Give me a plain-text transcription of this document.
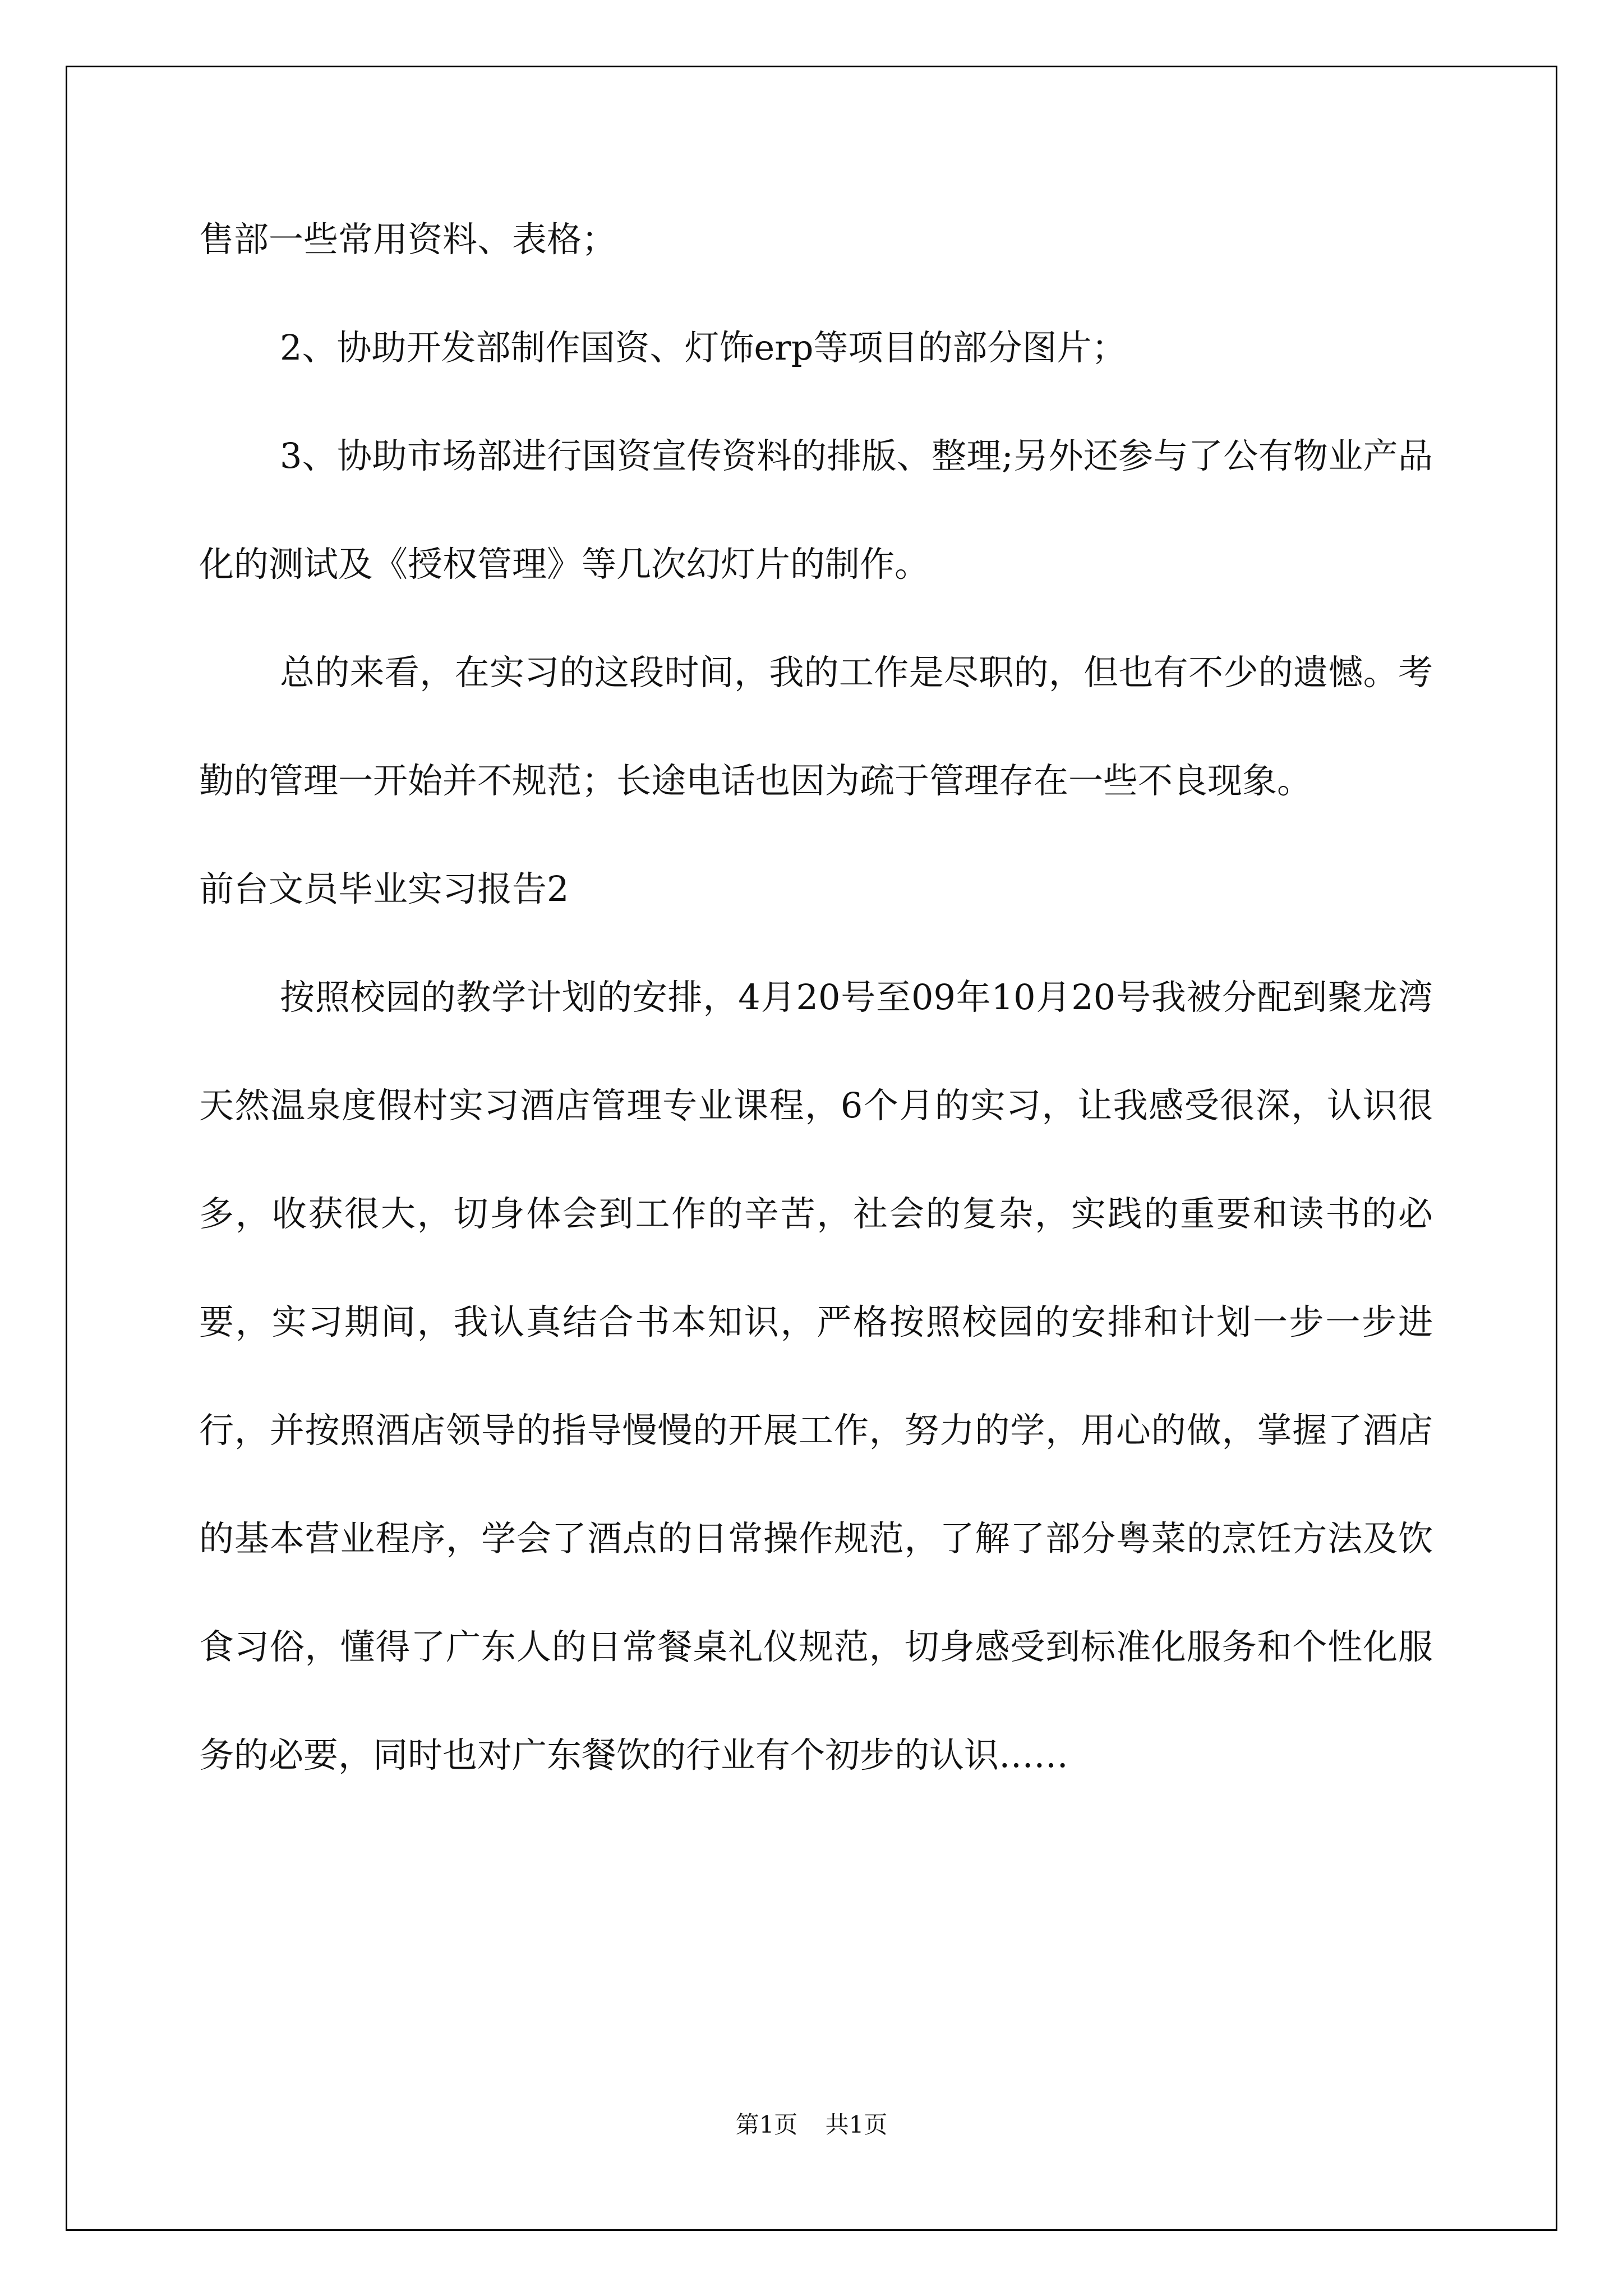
售部一些常用资料、表格；

2、协助开发部制作国资、灯饰erp等项目的部分图片；

3、协助市场部进行国资宣传资料的排版、整理;另外还参与了公有物业产品化的测试及《授权管理》等几次幻灯片的制作。

总的来看，在实习的这段时间，我的工作是尽职的，但也有不少的遗憾。考勤的管理一开始并不规范；长途电话也因为疏于管理存在一些不良现象。

前台文员毕业实习报告2

按照校园的教学计划的安排，4月20号至09年10月20号我被分配到聚龙湾天然温泉度假村实习酒店管理专业课程，6个月的实习，让我感受很深，认识很多，收获很大，切身体会到工作的辛苦，社会的复杂，实践的重要和读书的必要，实习期间，我认真结合书本知识，严格按照校园的安排和计划一步一步进行，并按照酒店领导的指导慢慢的开展工作，努力的学，用心的做，掌握了酒店的基本营业程序，学会了酒点的日常操作规范，了解了部分粤菜的烹饪方法及饮食习俗，懂得了广东人的日常餐桌礼仪规范，切身感受到标准化服务和个性化服务的必要，同时也对广东餐饮的行业有个初步的认识……

第1页 共1页
